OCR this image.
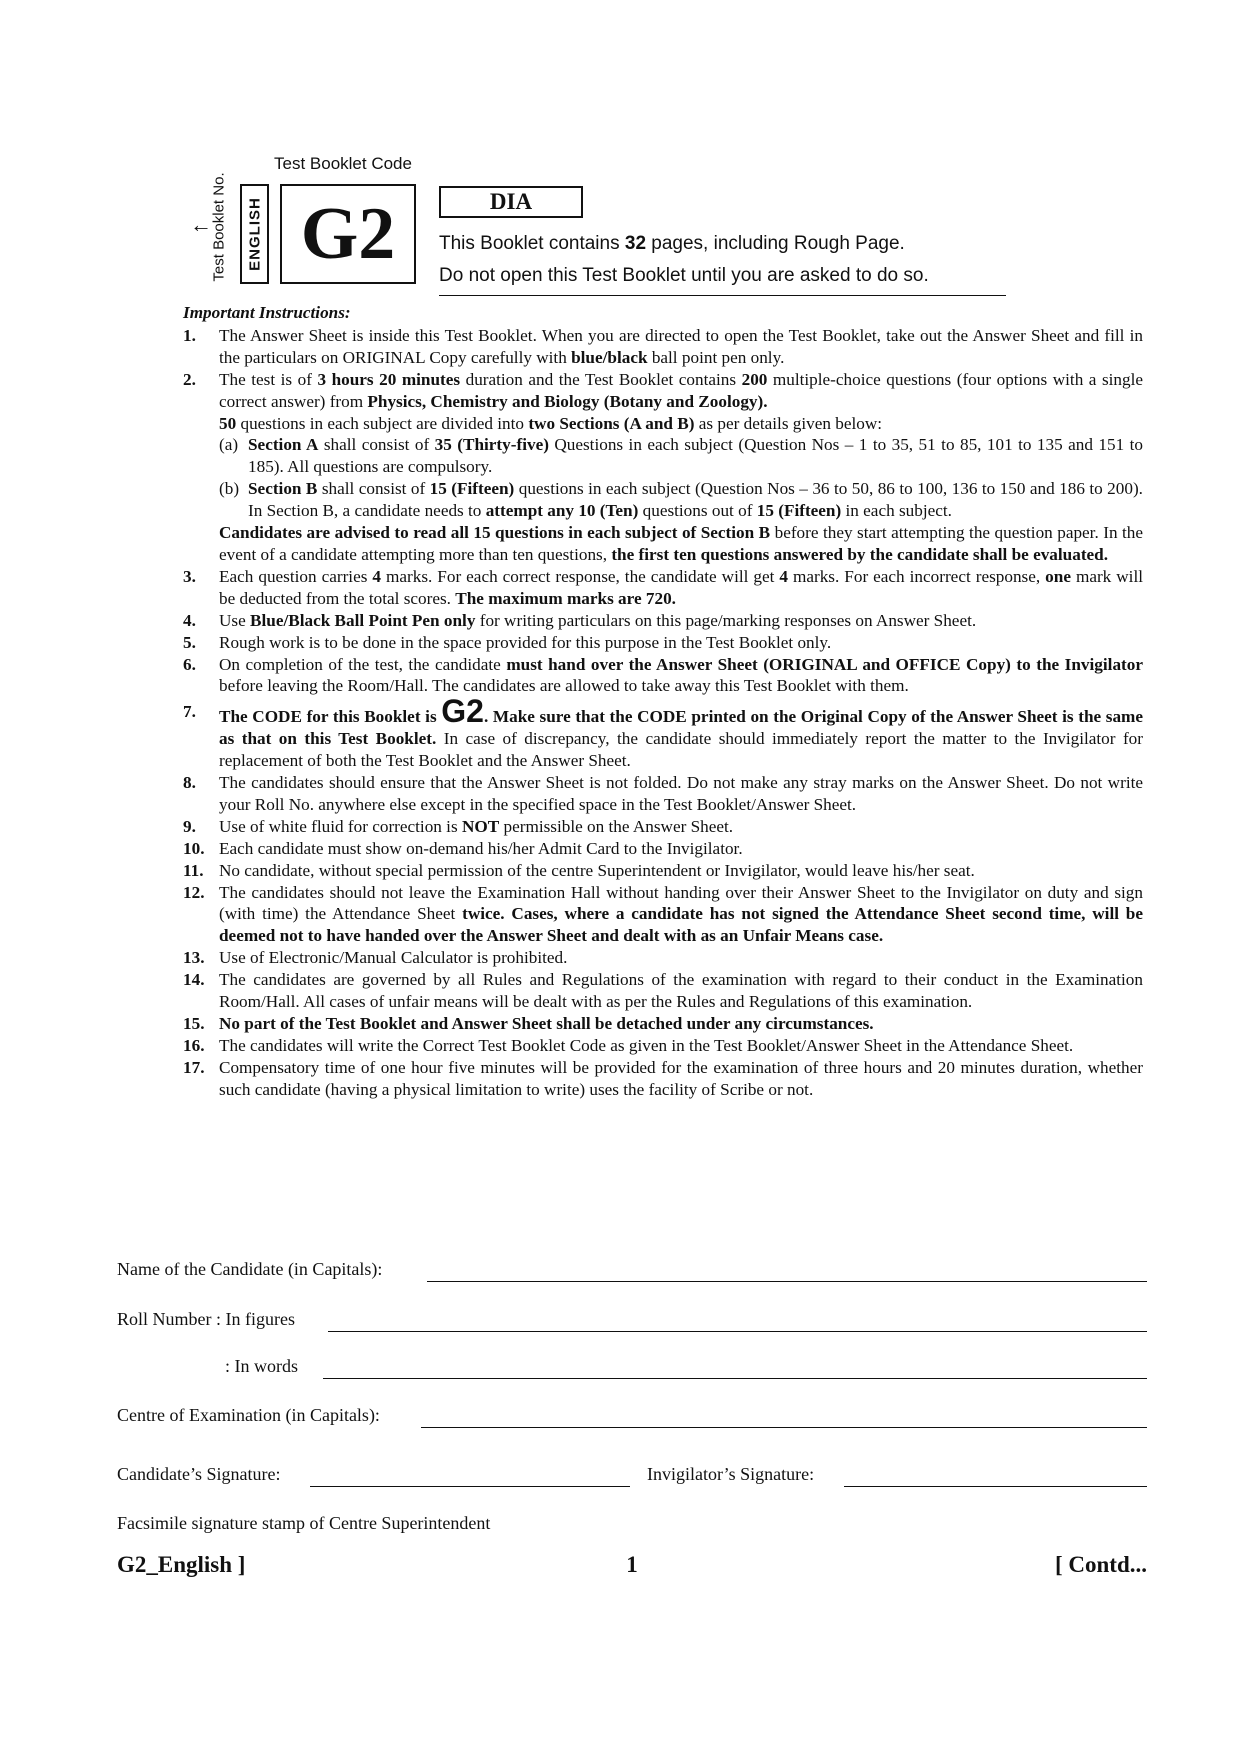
Test Booklet Code
Test Booklet No.
← ENGLISH G2	DIA
This Booklet contains 32 pages, including Rough Page.
Do not open this Test Booklet until you are asked to do so.
Important Instructions:
1. The Answer Sheet is inside this Test Booklet. When you are directed to open the Test Booklet, take out the Answer Sheet and fill in the particulars on ORIGINAL Copy carefully with blue/black ball point pen only.
2. The test is of 3 hours 20 minutes duration and the Test Booklet contains 200 multiple-choice questions (four options with a single correct answer) from Physics, Chemistry and Biology (Botany and Zoology).
50 questions in each subject are divided into two Sections (A and B) as per details given below:
(a) Section A shall consist of 35 (Thirty-five) Questions in each subject (Question Nos – 1 to 35, 51 to 85, 101 to 135 and 151 to 185). All questions are compulsory.
(b) Section B shall consist of 15 (Fifteen) questions in each subject (Question Nos – 36 to 50, 86 to 100, 136 to 150 and 186 to 200). In Section B, a candidate needs to attempt any 10 (Ten) questions out of 15 (Fifteen) in each subject.
Candidates are advised to read all 15 questions in each subject of Section B before they start attempting the question paper. In the event of a candidate attempting more than ten questions, the first ten questions answered by the candidate shall be evaluated.
3. Each question carries 4 marks. For each correct response, the candidate will get 4 marks. For each incorrect response, one mark will be deducted from the total scores. The maximum marks are 720.
4. Use Blue/Black Ball Point Pen only for writing particulars on this page/marking responses on Answer Sheet.
5. Rough work is to be done in the space provided for this purpose in the Test Booklet only.
6. On completion of the test, the candidate must hand over the Answer Sheet (ORIGINAL and OFFICE Copy) to the Invigilator before leaving the Room/Hall. The candidates are allowed to take away this Test Booklet with them.
7. The CODE for this Booklet is G2. Make sure that the CODE printed on the Original Copy of the Answer Sheet is the same as that on this Test Booklet. In case of discrepancy, the candidate should immediately report the matter to the Invigilator for replacement of both the Test Booklet and the Answer Sheet.
8. The candidates should ensure that the Answer Sheet is not folded. Do not make any stray marks on the Answer Sheet. Do not write your Roll No. anywhere else except in the specified space in the Test Booklet/Answer Sheet.
9. Use of white fluid for correction is NOT permissible on the Answer Sheet.
10. Each candidate must show on-demand his/her Admit Card to the Invigilator.
11. No candidate, without special permission of the centre Superintendent or Invigilator, would leave his/her seat.
12. The candidates should not leave the Examination Hall without handing over their Answer Sheet to the Invigilator on duty and sign (with time) the Attendance Sheet twice. Cases, where a candidate has not signed the Attendance Sheet second time, will be deemed not to have handed over the Answer Sheet and dealt with as an Unfair Means case.
13. Use of Electronic/Manual Calculator is prohibited.
14. The candidates are governed by all Rules and Regulations of the examination with regard to their conduct in the Examination Room/Hall. All cases of unfair means will be dealt with as per the Rules and Regulations of this examination.
15. No part of the Test Booklet and Answer Sheet shall be detached under any circumstances.
16. The candidates will write the Correct Test Booklet Code as given in the Test Booklet/Answer Sheet in the Attendance Sheet.
17. Compensatory time of one hour five minutes will be provided for the examination of three hours and 20 minutes duration, whether such candidate (having a physical limitation to write) uses the facility of Scribe or not.
Name of the Candidate (in Capitals):
Roll Number : In figures
: In words
Centre of Examination (in Capitals):
Candidate’s Signature:	Invigilator’s Signature:
Facsimile signature stamp of Centre Superintendent
G2_English ]	1	[ Contd...
